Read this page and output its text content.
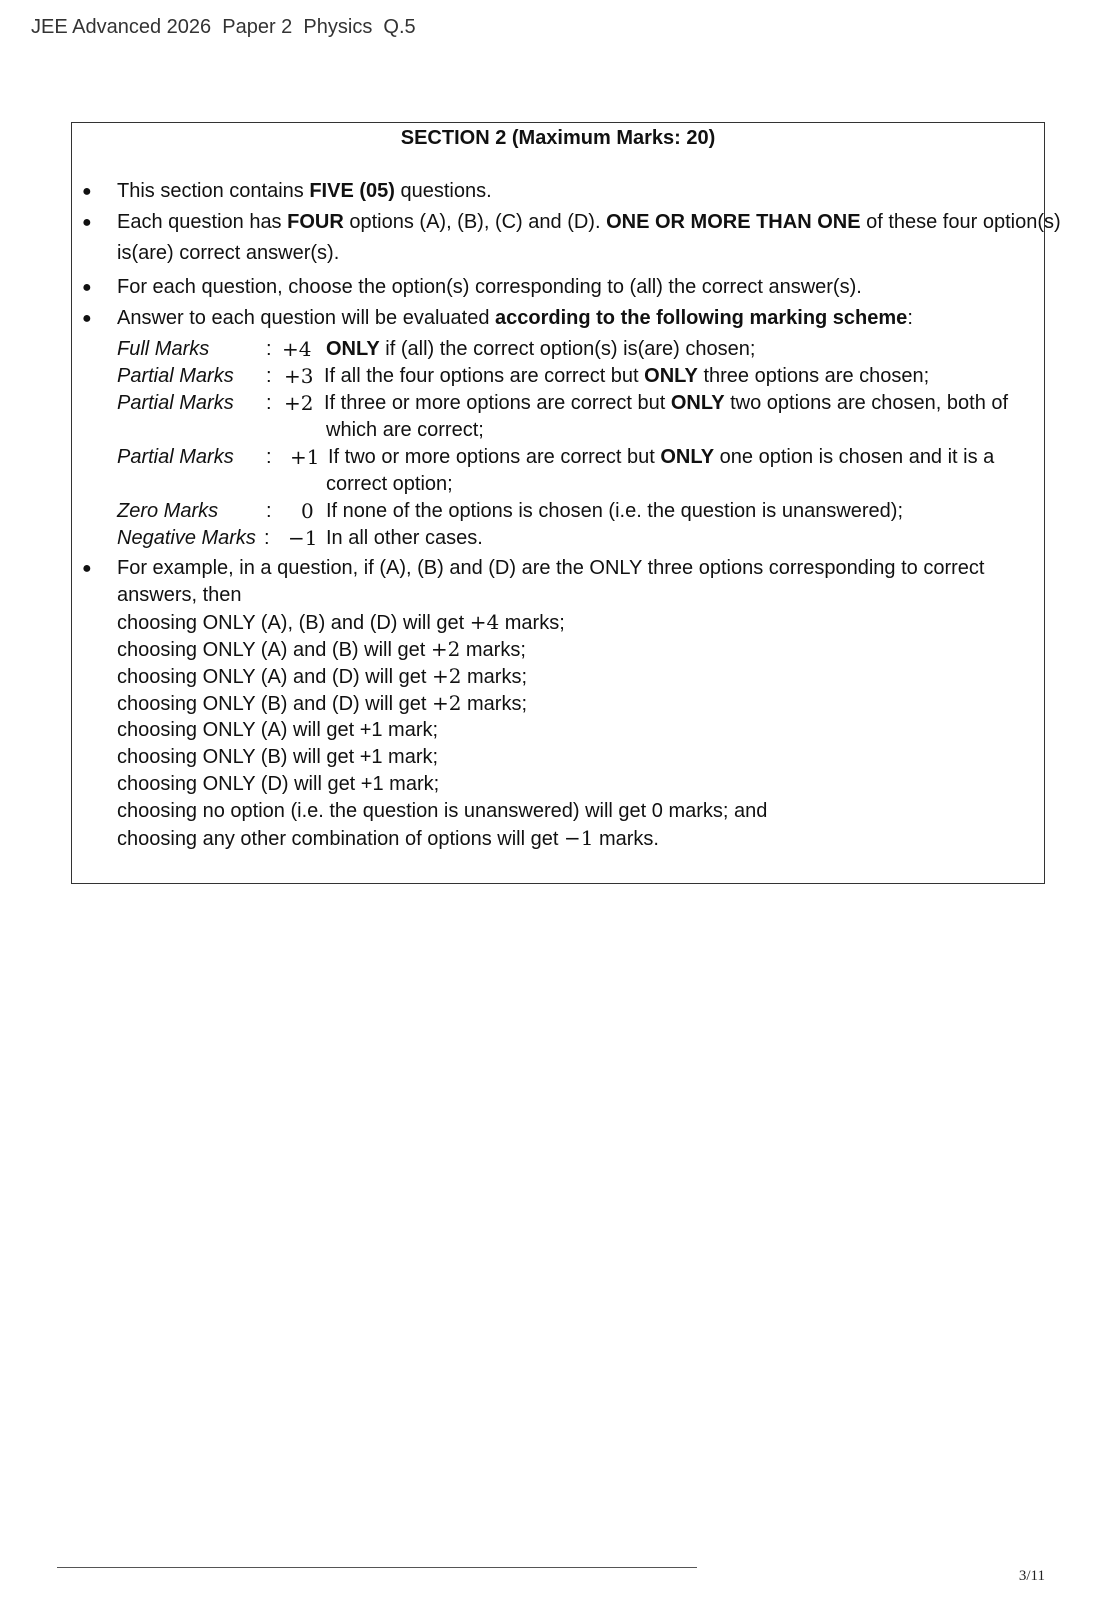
JEE Advanced 2026  Paper 2  Physics  Q.5
SECTION 2 (Maximum Marks: 20)
● This section contains FIVE (05) questions.
● Each question has FOUR options (A), (B), (C) and (D). ONE OR MORE THAN ONE of these four option(s)
is(are) correct answer(s).
● For each question, choose the option(s) corresponding to (all) the correct answer(s).
● Answer to each question will be evaluated according to the following marking scheme:
Full Marks	: +4 ONLY if (all) the correct option(s) is(are) chosen;
Partial Marks : +3 If all the four options are correct but ONLY three options are chosen;
Partial Marks : +2 If three or more options are correct but ONLY two options are chosen, both of
which are correct;
Partial Marks : +1 If two or more options are correct but ONLY one option is chosen and it is a
correct option;
Zero Marks : 0 If none of the options is chosen (i.e. the question is unanswered);
Negative Marks : −1 In all other cases.
● For example, in a question, if (A), (B) and (D) are the ONLY three options corresponding to correct
answers, then
choosing ONLY (A), (B) and (D) will get +4 marks;
choosing ONLY (A) and (B) will get +2 marks;
choosing ONLY (A) and (D) will get +2 marks;
choosing ONLY (B) and (D) will get +2 marks;
choosing ONLY (A) will get +1 mark;
choosing ONLY (B) will get +1 mark;
choosing ONLY (D) will get +1 mark;
choosing no option (i.e. the question is unanswered) will get 0 marks; and
choosing any other combination of options will get −1 marks.
3/11
